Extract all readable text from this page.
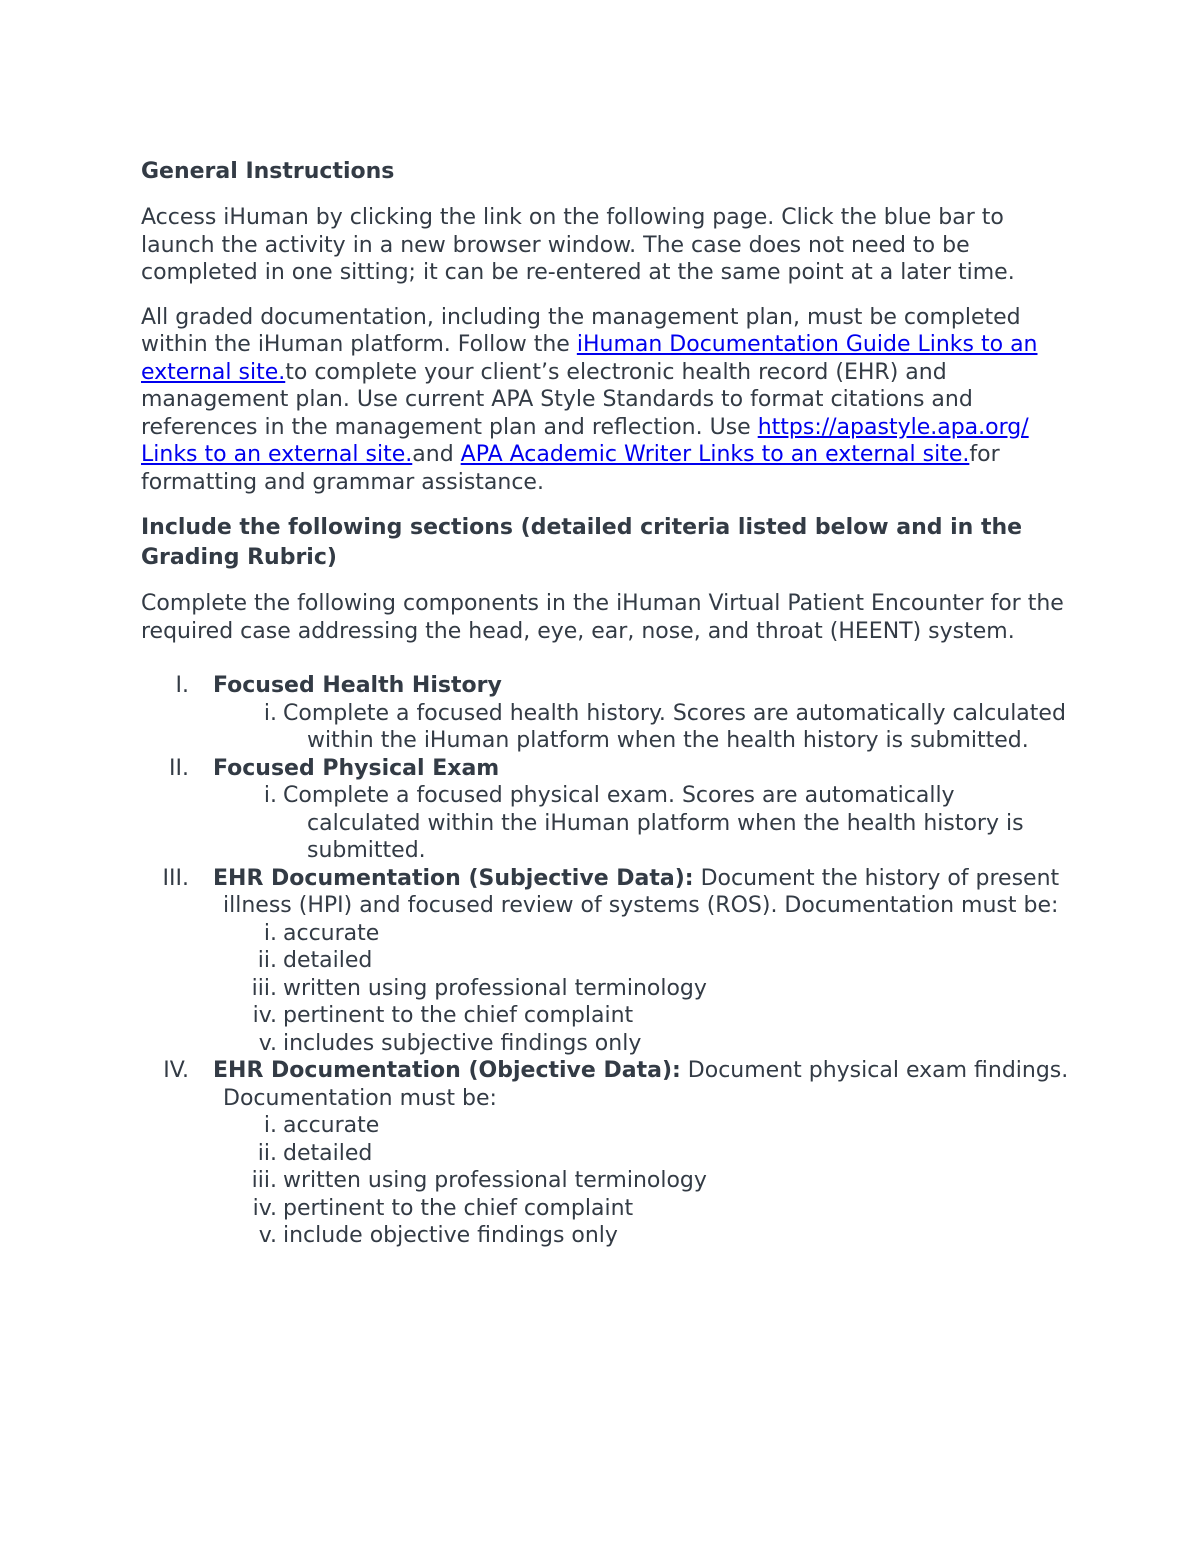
General Instructions

Access iHuman by clicking the link on the following page. Click the blue bar to launch the activity in a new browser window. The case does not need to be completed in one sitting; it can be re-entered at the same point at a later time.

All graded documentation, including the management plan, must be completed within the iHuman platform. Follow the iHuman Documentation Guide Links to an external site.to complete your client’s electronic health record (EHR) and management plan. Use current APA Style Standards to format citations and references in the management plan and reflection. Use https://apastyle.apa.org/ Links to an external site.and APA Academic Writer Links to an external site.for formatting and grammar assistance.

Include the following sections (detailed criteria listed below and in the Grading Rubric)

Complete the following components in the iHuman Virtual Patient Encounter for the required case addressing the head, eye, ear, nose, and throat (HEENT) system.

I. Focused Health History
i. Complete a focused health history. Scores are automatically calculated within the iHuman platform when the health history is submitted.
II. Focused Physical Exam
i. Complete a focused physical exam. Scores are automatically calculated within the iHuman platform when the health history is submitted.
III. EHR Documentation (Subjective Data): Document the history of present illness (HPI) and focused review of systems (ROS). Documentation must be:
i. accurate
ii. detailed
iii. written using professional terminology
iv. pertinent to the chief complaint
v. includes subjective findings only
IV. EHR Documentation (Objective Data): Document physical exam findings. Documentation must be:
i. accurate
ii. detailed
iii. written using professional terminology
iv. pertinent to the chief complaint
v. include objective findings only
